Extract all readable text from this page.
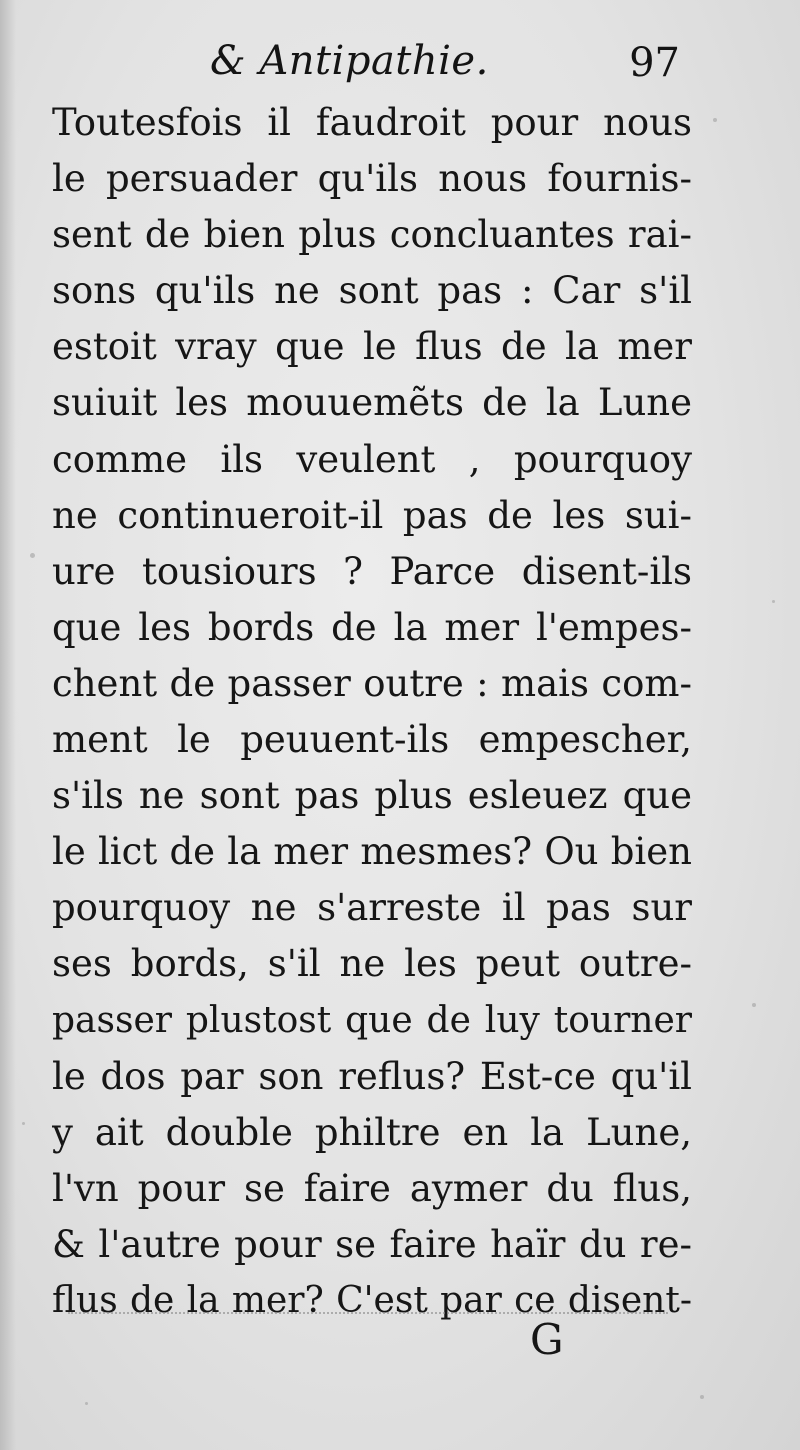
& Antipathie.	97
Toutesfois il faudroit pour nous
le persuader qu'ils nous fournis-
sent de bien plus concluantes rai-
sons qu'ils ne sont pas : Car s'il
estoit vray que le flus de la mer
suiuit les mouuemẽts de la Lune
comme ils veulent , pourquoy
ne continueroit-il pas de les sui-
ure tousiours ? Parce disent-ils
que les bords de la mer l'empes-
chent de passer outre : mais com-
ment le peuuent-ils empescher,
s'ils ne sont pas plus esleuez que
le lict de la mer mesmes? Ou bien
pourquoy ne s'arreste il pas sur
ses bords, s'il ne les peut outre-
passer plustost que de luy tourner
le dos par son reflus? Est-ce qu'il
y ait double philtre en la Lune,
l'vn pour se faire aymer du flus,
& l'autre pour se faire haïr du re-
flus de la mer? C'est par ce disent-
G
